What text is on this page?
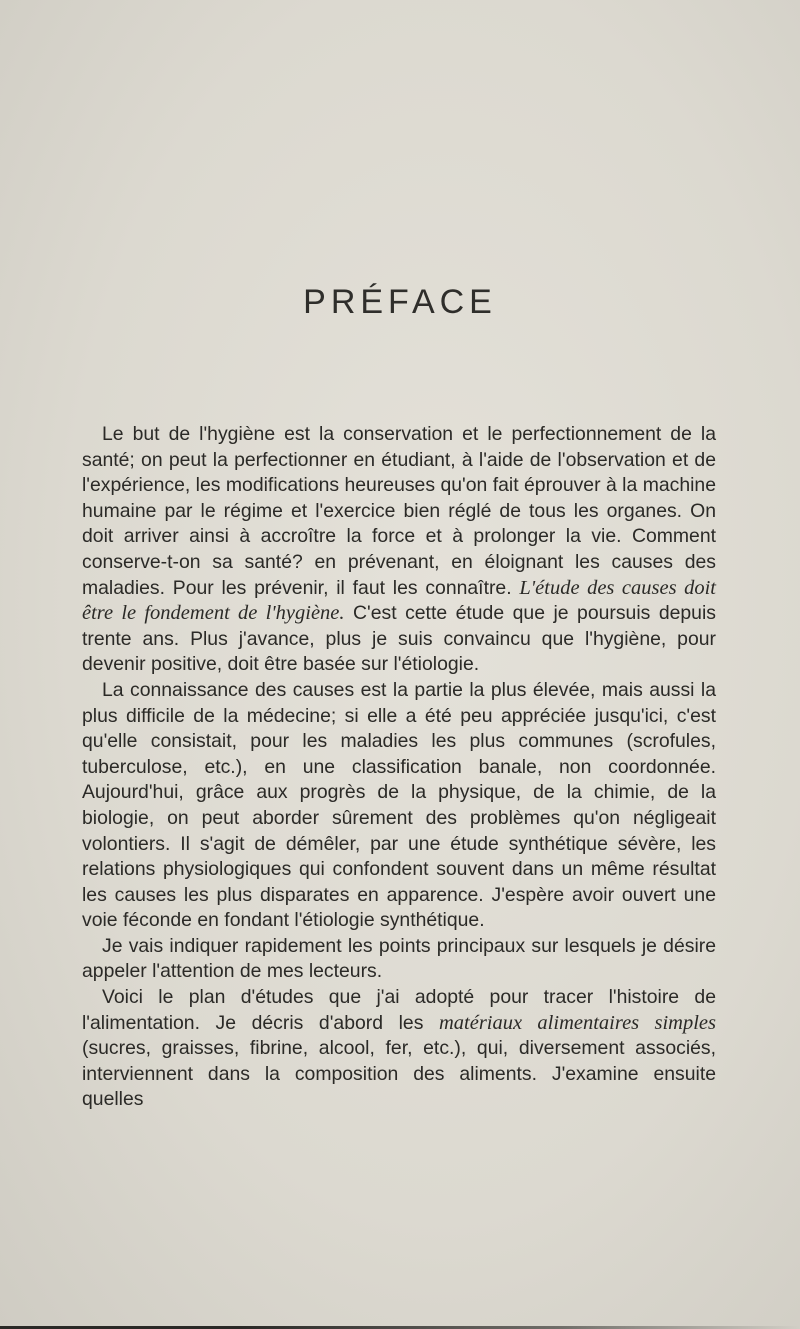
PRÉFACE

Le but de l'hygiène est la conservation et le perfectionnement de la santé; on peut la perfectionner en étudiant, à l'aide de l'observation et de l'expérience, les modifications heureuses qu'on fait éprouver à la machine humaine par le régime et l'exercice bien réglé de tous les organes. On doit arriver ainsi à accroître la force et à prolonger la vie. Comment conserve-t-on sa santé? en prévenant, en éloignant les causes des maladies. Pour les prévenir, il faut les connaître. L'étude des causes doit être le fondement de l'hygiène. C'est cette étude que je poursuis depuis trente ans. Plus j'avance, plus je suis convaincu que l'hygiène, pour devenir positive, doit être basée sur l'étiologie.

La connaissance des causes est la partie la plus élevée, mais aussi la plus difficile de la médecine; si elle a été peu appréciée jusqu'ici, c'est qu'elle consistait, pour les maladies les plus communes (scrofules, tuberculose, etc.), en une classification banale, non coordonnée. Aujourd'hui, grâce aux progrès de la physique, de la chimie, de la biologie, on peut aborder sûrement des problèmes qu'on négligeait volontiers. Il s'agit de démêler, par une étude synthétique sévère, les relations physiologiques qui confondent souvent dans un même résultat les causes les plus disparates en apparence. J'espère avoir ouvert une voie féconde en fondant l'étiologie synthétique.

Je vais indiquer rapidement les points principaux sur lesquels je désire appeler l'attention de mes lecteurs.

Voici le plan d'études que j'ai adopté pour tracer l'histoire de l'alimentation. Je décris d'abord les matériaux alimentaires simples (sucres, graisses, fibrine, alcool, fer, etc.), qui, diversement associés, interviennent dans la composition des aliments. J'examine ensuite quelles
